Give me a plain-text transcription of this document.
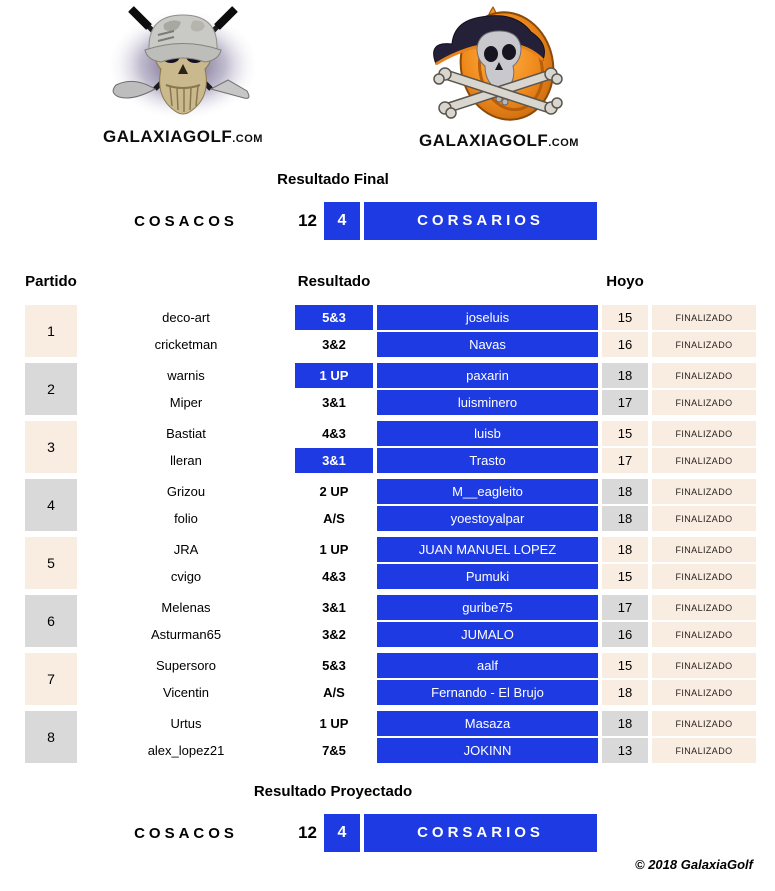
GALAXIAGOLF.COM	GALAXIAGOLF.COM
Resultado Final
COSACOS	12	4	CORSARIOS
Partido	Resultado	Hoyo
1
deco-art	5&3	joseluis	15	FINALIZADO
cricketman	3&2	Navas	16	FINALIZADO
2
warnis	1 UP	paxarin	18	FINALIZADO
Miper	3&1	luisminero	17	FINALIZADO
3
Bastiat	4&3	luisb	15	FINALIZADO
lleran	3&1	Trasto	17	FINALIZADO
4
Grizou	2 UP	M__eagleito	18	FINALIZADO
folio	A/S	yoestoyalpar	18	FINALIZADO
5
JRA	1 UP	JUAN MANUEL LOPEZ	18	FINALIZADO
cvigo	4&3	Pumuki	15	FINALIZADO
6
Melenas	3&1	guribe75	17	FINALIZADO
Asturman65	3&2	JUMALO	16	FINALIZADO
7
Supersoro	5&3	aalf	15	FINALIZADO
Vicentin	A/S	Fernando - El Brujo	18	FINALIZADO
8
Urtus	1 UP	Masaza	18	FINALIZADO
alex_lopez21	7&5	JOKINN	13	FINALIZADO
Resultado Proyectado
COSACOS	12	4	CORSARIOS
© 2018 GalaxiaGolf
